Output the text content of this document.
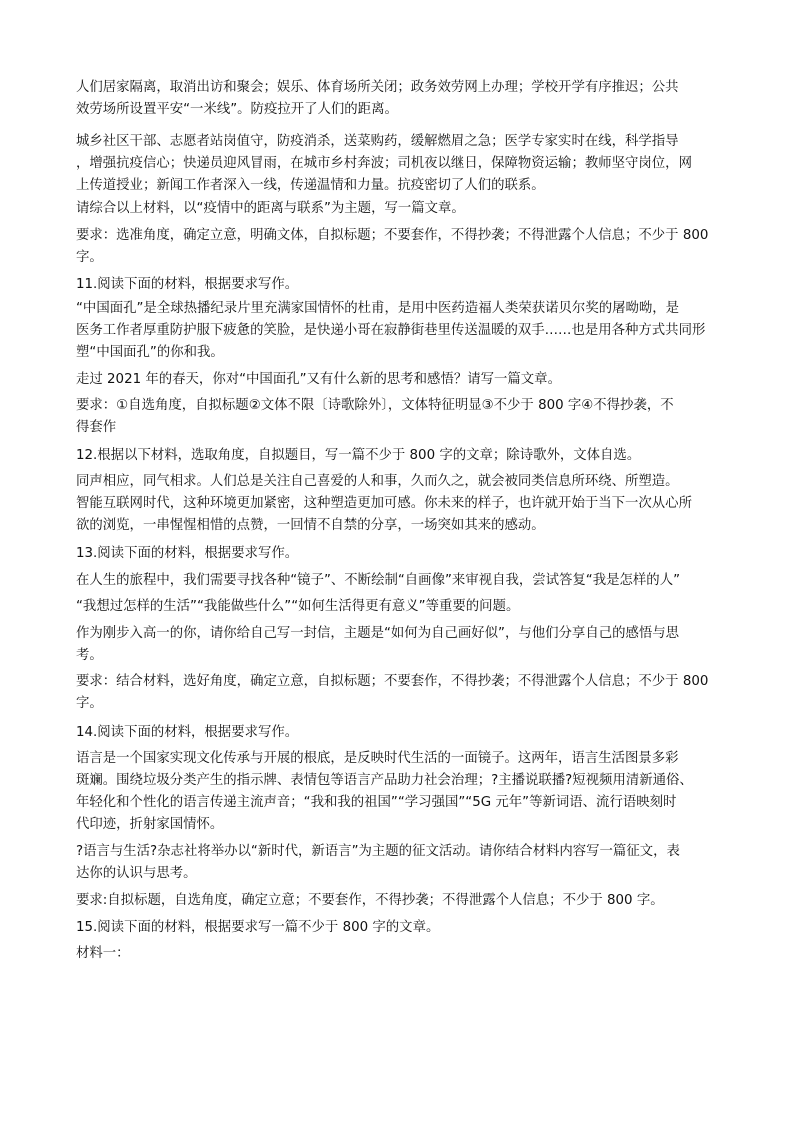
人们居家隔离，取消出访和聚会；娱乐、体育场所关闭；政务效劳网上办理；学校开学有序推迟；公共
效劳场所设置平安“一米线”。防疫拉开了人们的距离。
城乡社区干部、志愿者站岗值守，防疫消杀，送菜购药，缓解燃眉之急；医学专家实时在线，科学指导
，增强抗疫信心；快递员迎风冒雨，在城市乡村奔波；司机夜以继日，保障物资运输；教师坚守岗位，网
上传道授业；新闻工作者深入一线，传递温情和力量。抗疫密切了人们的联系。
请综合以上材料，以“疫情中的距离与联系”为主题，写一篇文章。
要求：选准角度，确定立意，明确文体，自拟标题；不要套作，不得抄袭；不得泄露个人信息；不少于 800
字。
11.阅读下面的材料，根据要求写作。
“中国面孔”是全球热播纪录片里充满家国情怀的杜甫，是用中医药造福人类荣获诺贝尔奖的屠呦呦，是
医务工作者厚重防护服下疲惫的笑脸，是快递小哥在寂静街巷里传送温暖的双手……也是用各种方式共同形
塑“中国面孔”的你和我。
走过 2021 年的春天，你对“中国面孔”又有什么新的思考和感悟？请写一篇文章。
要求：①自选角度，自拟标题②文体不限〔诗歌除外〕，文体特征明显③不少于 800 字④不得抄袭，不
得套作
12.根据以下材料，选取角度，自拟题目，写一篇不少于 800 字的文章；除诗歌外，文体自选。
同声相应，同气相求。人们总是关注自己喜爱的人和事，久而久之，就会被同类信息所环绕、所塑造。
智能互联网时代，这种环境更加紧密，这种塑造更加可感。你未来的样子，也许就开始于当下一次从心所
欲的浏览，一串惺惺相惜的点赞，一回情不自禁的分享，一场突如其来的感动。
13.阅读下面的材料，根据要求写作。
在人生的旅程中，我们需要寻找各种“镜子”、不断绘制“自画像”来审视自我，尝试答复“我是怎样的人”
“我想过怎样的生活”“我能做些什么”“如何生活得更有意义”等重要的问题。
作为刚步入高一的你，请你给自己写一封信，主题是“如何为自己画好似”，与他们分享自己的感悟与思
考。
要求：结合材料，选好角度，确定立意，自拟标题；不要套作，不得抄袭；不得泄露个人信息；不少于 800
字。
14.阅读下面的材料，根据要求写作。
语言是一个国家实现文化传承与开展的根底，是反映时代生活的一面镜子。这两年，语言生活图景多彩
斑斓。围绕垃圾分类产生的指示牌、表情包等语言产品助力社会治理；?主播说联播?短视频用清新通俗、
年轻化和个性化的语言传递主流声音；“我和我的祖国”“学习强国”“5G 元年”等新词语、流行语映刻时
代印迹，折射家国情怀。
?语言与生活?杂志社将举办以“新时代，新语言”为主题的征文活动。请你结合材料内容写一篇征文，表
达你的认识与思考。
要求:自拟标题，自选角度，确定立意；不要套作，不得抄袭；不得泄露个人信息；不少于 800 字。
15.阅读下面的材料，根据要求写一篇不少于 800 字的文章。
材料一：
